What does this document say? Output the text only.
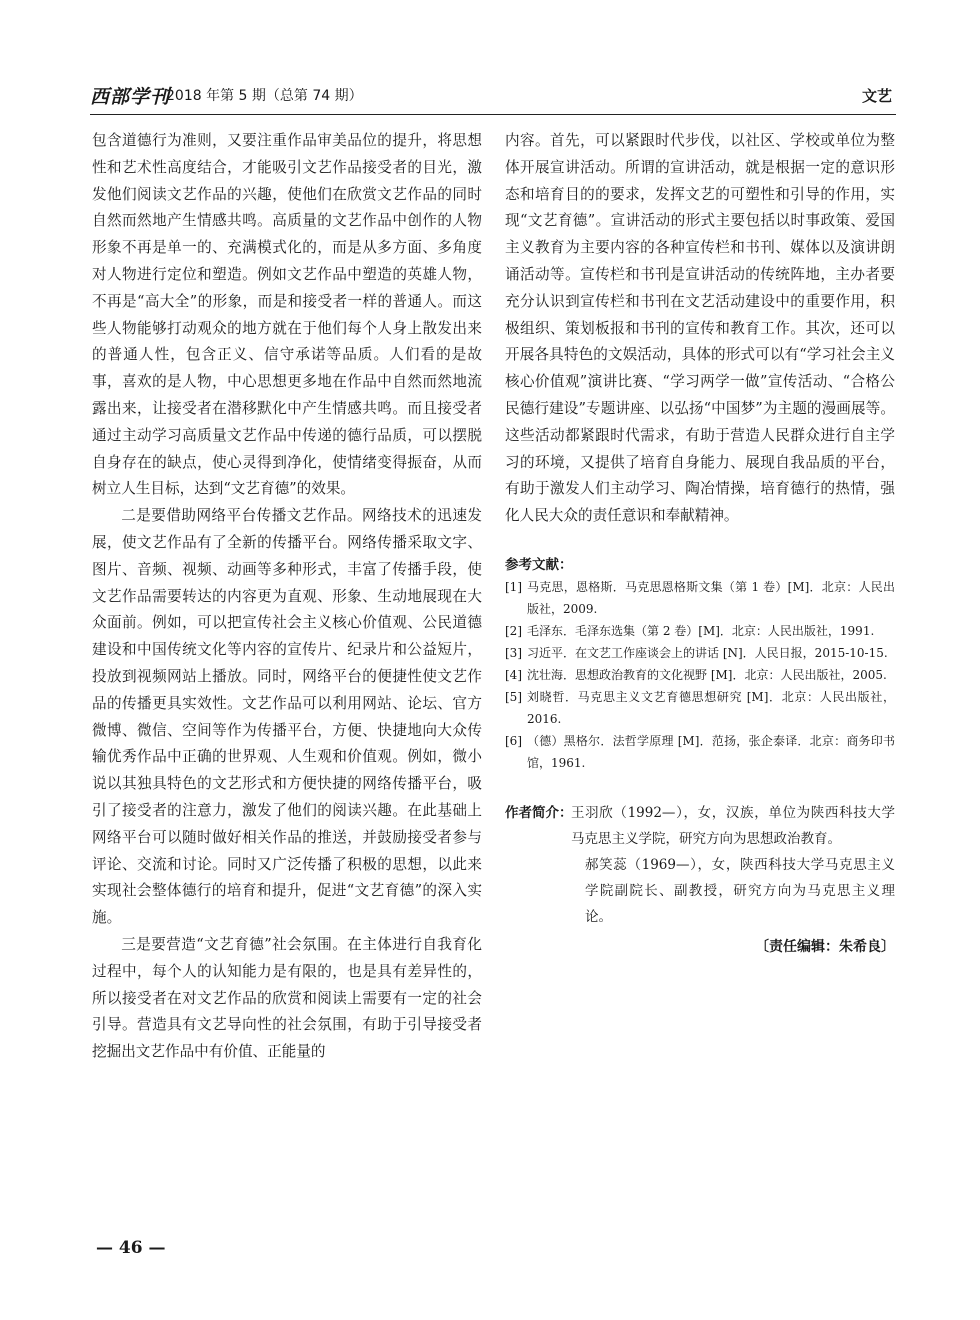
西部学刊
2018 年第 5 期（总第 74 期）	文艺

包含道德行为准则，又要注重作品审美品位的提升，将思想性和艺术性高度结合，才能吸引文艺作品接受者的目光，激发他们阅读文艺作品的兴趣，使他们在欣赏文艺作品的同时自然而然地产生情感共鸣。高质量的文艺作品中创作的人物形象不再是单一的、充满模式化的，而是从多方面、多角度对人物进行定位和塑造。例如文艺作品中塑造的英雄人物，不再是“高大全”的形象，而是和接受者一样的普通人。而这些人物能够打动观众的地方就在于他们每个人身上散发出来的普通人性，包含正义、信守承诺等品质。人们看的是故事，喜欢的是人物，中心思想更多地在作品中自然而然地流露出来，让接受者在潜移默化中产生情感共鸣。而且接受者通过主动学习高质量文艺作品中传递的德行品质，可以摆脱自身存在的缺点，使心灵得到净化，使情绪变得振奋，从而树立人生目标，达到“文艺育德”的效果。

二是要借助网络平台传播文艺作品。网络技术的迅速发展，使文艺作品有了全新的传播平台。网络传播采取文字、图片、音频、视频、动画等多种形式，丰富了传播手段，使文艺作品需要转达的内容更为直观、形象、生动地展现在大众面前。例如，可以把宣传社会主义核心价值观、公民道德建设和中国传统文化等内容的宣传片、纪录片和公益短片，投放到视频网站上播放。同时，网络平台的便捷性使文艺作品的传播更具实效性。文艺作品可以利用网站、论坛、官方微博、微信、空间等作为传播平台，方便、快捷地向大众传输优秀作品中正确的世界观、人生观和价值观。例如，微小说以其独具特色的文艺形式和方便快捷的网络传播平台，吸引了接受者的注意力，激发了他们的阅读兴趣。在此基础上网络平台可以随时做好相关作品的推送，并鼓励接受者参与评论、交流和讨论。同时又广泛传播了积极的思想，以此来实现社会整体德行的培育和提升，促进“文艺育德”的深入实施。

三是要营造“文艺育德”社会氛围。在主体进行自我育化过程中，每个人的认知能力是有限的，也是具有差异性的，所以接受者在对文艺作品的欣赏和阅读上需要有一定的社会引导。营造具有文艺导向性的社会氛围，有助于引导接受者挖掘出文艺作品中有价值、正能量的

内容。首先，可以紧跟时代步伐，以社区、学校或单位为整体开展宣讲活动。所谓的宣讲活动，就是根据一定的意识形态和培育目的的要求，发挥文艺的可塑性和引导的作用，实现“文艺育德”。宣讲活动的形式主要包括以时事政策、爱国主义教育为主要内容的各种宣传栏和书刊、媒体以及演讲朗诵活动等。宣传栏和书刊是宣讲活动的传统阵地，主办者要充分认识到宣传栏和书刊在文艺活动建设中的重要作用，积极组织、策划板报和书刊的宣传和教育工作。其次，还可以开展各具特色的文娱活动，具体的形式可以有“学习社会主义核心价值观”演讲比赛、“学习两学一做”宣传活动、“合格公民德行建设”专题讲座、以弘扬“中国梦”为主题的漫画展等。这些活动都紧跟时代需求，有助于营造人民群众进行自主学习的环境，又提供了培育自身能力、展现自我品质的平台，有助于激发人们主动学习、陶冶情操，培育德行的热情，强化人民大众的责任意识和奉献精神。

参考文献：
[1] 马克思，恩格斯．马克思恩格斯文集（第 1 卷）[M]．北京：人民出版社，2009.
[2] 毛泽东．毛泽东选集（第 2 卷）[M]．北京：人民出版社，1991.
[3] 习近平．在文艺工作座谈会上的讲话 [N]．人民日报，2015-10-15.
[4] 沈壮海．思想政治教育的文化视野 [M]．北京：人民出版社，2005.
[5] 刘晓哲．马克思主义文艺育德思想研究 [M]．北京：人民出版社，2016.
[6] （德）黑格尔．法哲学原理 [M]．范扬，张企泰译．北京：商务印书馆，1961.
作者简介：

王羽欣（1992—），女，汉族，单位为陕西科技大学马克思主义学院，研究方向为思想政治教育。

郝笑蕊（1969—），女，陕西科技大学马克思主义学院副院长、副教授，研究方向为马克思主义理论。

〔责任编辑：朱希良〕
— 46 —
